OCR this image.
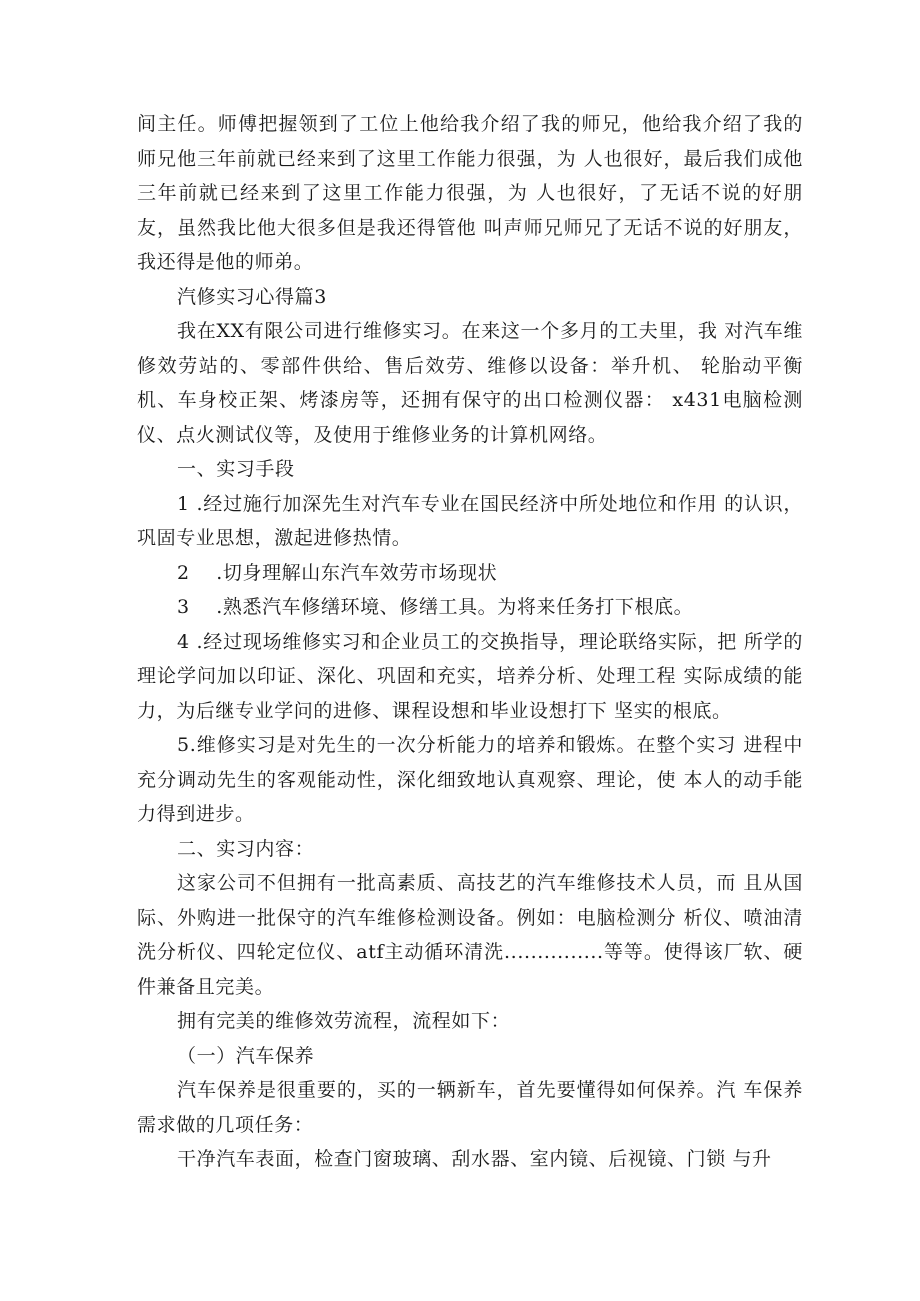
间主任。师傅把握领到了工位上他给我介绍了我的师兄，他给我介绍了我的师兄他三年前就已经来到了这里工作能力很强，为 人也很好，最后我们成他三年前就已经来到了这里工作能力很强，为 人也很好，了无话不说的好朋友，虽然我比他大很多但是我还得管他 叫声师兄师兄了无话不说的好朋友，我还得是他的师弟。

汽修实习心得篇3

我在XX有限公司进行维修实习。在来这一个多月的工夫里，我 对汽车维修效劳站的、零部件供给、售后效劳、维修以设备：举升机、 轮胎动平衡机、车身校正架、烤漆房等，还拥有保守的出口检测仪器： x431电脑检测仪、点火测试仪等，及使用于维修业务的计算机网络。

一、实习手段

1 .经过施行加深先生对汽车专业在国民经济中所处地位和作用 的认识，巩固专业思想，激起进修热情。

2    .切身理解山东汽车效劳市场现状

3    .熟悉汽车修缮环境、修缮工具。为将来任务打下根底。

4 .经过现场维修实习和企业员工的交换指导，理论联络实际，把 所学的理论学问加以印证、深化、巩固和充实，培养分析、处理工程 实际成绩的能力，为后继专业学问的进修、课程设想和毕业设想打下 坚实的根底。

5.维修实习是对先生的一次分析能力的培养和锻炼。在整个实习 进程中充分调动先生的客观能动性，深化细致地认真观察、理论，使 本人的动手能力得到进步。

二、实习内容：

这家公司不但拥有一批高素质、高技艺的汽车维修技术人员，而 且从国际、外购进一批保守的汽车维修检测设备。例如：电脑检测分 析仪、喷油清洗分析仪、四轮定位仪、atf主动循环清洗...............等等。使得该厂软、硬件兼备且完美。

拥有完美的维修效劳流程，流程如下：

（一）汽车保养

汽车保养是很重要的，买的一辆新车，首先要懂得如何保养。汽 车保养需求做的几项任务：

干净汽车表面，检查门窗玻璃、刮水器、室内镜、后视镜、门锁 与升
